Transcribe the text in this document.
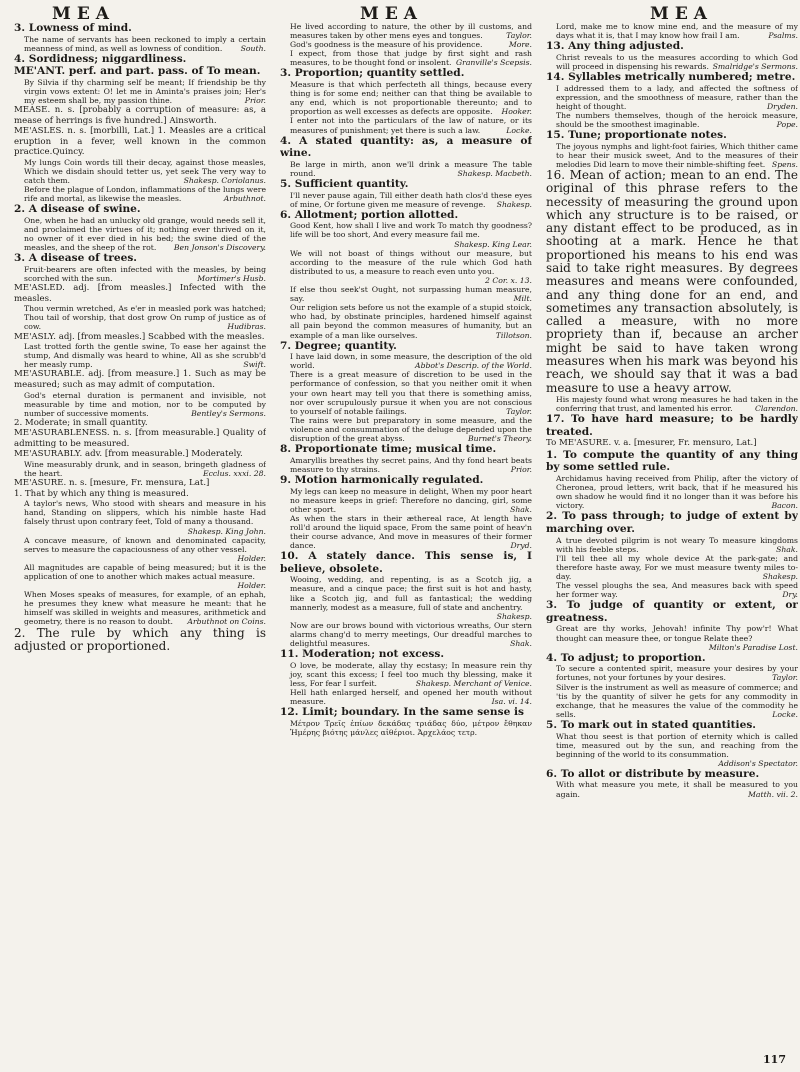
MEA	MEA	MEA

3. Lowness of mind.

The name of servants has been reckoned to imply a certain meanness of mind, as well as lowness of condition. South.

4. Sordidness; niggardliness.

ME'ANT. perf. and part. pass. of To mean.

By Silvia if thy charming self be meant; If friendship be thy virgin vows extent: O! let me in Aminta's praises join; Her's my esteem shall be, my passion thine.	Prior.

MEASE. n. s. [probably a corruption of measure: as, a mease of herrings is five hundred.] Ainsworth.

ME'ASLES. n. s. [morbilli, Lat.] 1. Measles are a critical eruption in a fever, well known in the common practice.Quincy.

My lungs Coin words till their decay, against those measles, Which we disdain should tetter us, yet seek The very way to catch them.	Shakesp. Coriolanus.

Before the plague of London, inflammations of the lungs were rife and mortal, as likewise the measles.	Arbuthnot.

2. A disease of swine.

One, when he had an unlucky old grange, would needs sell it, and proclaimed the virtues of it; nothing ever thrived on it, no owner of it ever died in his bed; the swine died of the measles, and the sheep of the rot. Ben Jonson's Discovery.

3. A disease of trees.

Fruit-bearers are often infected with the measles, by being scorched with the sun.	Mortimer's Husb.

ME'ASLED. adj. [from measles.] Infected with the measles.

Thou vermin wretched, As e'er in measled pork was hatched; Thou tail of worship, that dost grow On rump of justice as of cow.	Hudibras.

ME'ASLY. adj. [from measles.] Scabbed with the measles.

Last trotted forth the gentle swine, To ease her against the stump, And dismally was heard to whine, All as she scrubb'd her measly rump.	Swift.

ME'ASURABLE. adj. [from measure.] 1. Such as may be measured; such as may admit of computation.

God's eternal duration is permanent and invisible, not measurable by time and motion, nor to be computed by number of successive moments.	Bentley's Sermons.

2. Moderate; in small quantity.

ME'ASURABLENESS. n. s. [from measurable.] Quality of admitting to be measured.

ME'ASURABLY. adv. [from measurable.] Moderately.

Wine measurably drunk, and in season, bringeth gladness of the heart.	Ecclus. xxxi. 28.

ME'ASURE. n. s. [mesure, Fr. mensura, Lat.]

1. That by which any thing is measured.

A taylor's news, Who stood with shears and measure in his hand, Standing on slippers, which his nimble haste Had falsely thrust upon contrary feet, Told of many a thousand.
Shakesp. King John.

A concave measure, of known and denominated capacity, serves to measure the capaciousness of any other vessel.
Holder.

All magnitudes are capable of being measured; but it is the application of one to another which makes actual measure.
Holder.

When Moses speaks of measures, for example, of an ephah, he presumes they knew what measure he meant: that he himself was skilled in weights and measures, arithmetick and geometry, there is no reason to doubt. Arbuthnot on Coins.

2. The rule by which any thing is adjusted or proportioned.

He lived according to nature, the other by ill customs, and measures taken by other mens eyes and tongues.	Taylor.

God's goodness is the measure of his providence.	More.

I expect, from those that judge by first sight and rash measures, to be thought fond or insolent. Granville's Scepsis.

3. Proportion; quantity settled.

Measure is that which perfecteth all things, because every thing is for some end; neither can that thing be available to any end, which is not proportionable thereunto; and to proportion as well excesses as defects are opposite. Hooker.

I enter not into the particulars of the law of nature, or its measures of punishment; yet there is such a law.	Locke.

4. A stated quantity: as, a measure of wine.

Be large in mirth, anon we'll drink a measure The table round.	Shakesp. Macbeth.

5. Sufficient quantity.

I'll never pause again, Till either death hath clos'd these eyes of mine, Or fortune given me measure of revenge. Shakesp.

6. Allotment; portion allotted.

Good Kent, how shall I live and work To match thy goodness? life will be too short, And every measure fail me.
Shakesp. King Lear.

We will not boast of things without our measure, but according to the measure of the rule which God hath distributed to us, a measure to reach even unto you.
2 Cor. x. 13.

If else thou seek'st Ought, not surpassing human measure, say.	Milt.

Our religion sets before us not the example of a stupid stoick, who had, by obstinate principles, hardened himself against all pain beyond the common measures of humanity, but an example of a man like ourselves.	Tillotson.

7. Degree; quantity.

I have laid down, in some measure, the description of the old world.	Abbot's Descrip. of the World.

There is a great measure of discretion to be used in the performance of confession, so that you neither omit it when your own heart may tell you that there is something amiss, nor over scrupulously pursue it when you are not conscious to yourself of notable failings.	Taylor.

The rains were but preparatory in some measure, and the violence and consummation of the deluge depended upon the disruption of the great abyss.	Burnet's Theory.

8. Proportionate time; musical time.

Amaryllis breathes thy secret pains, And thy fond heart beats measure to thy strains.	Prior.

9. Motion harmonically regulated.

My legs can keep no measure in delight, When my poor heart no measure keeps in grief: Therefore no dancing, girl, some other sport.	Shak.

As when the stars in their æthereal race, At length have roll'd around the liquid space, From the same point of heav'n their course advance, And move in measures of their former dance.	Dryd.

10. A stately dance. This sense is, I believe, obsolete.

Wooing, wedding, and repenting, is as a Scotch jig, a measure, and a cinque pace; the first suit is hot and hasty, like a Scotch jig, and full as fantastical; the wedding mannerly, modest as a measure, full of state and anchentry.
Shakesp.

Now are our brows bound with victorious wreaths, Our stern alarms chang'd to merry meetings, Our dreadful marches to delightful measures.	Shak.

11. Moderation; not excess.

O love, be moderate, allay thy ecstasy; In measure rein thy joy, scant this excess; I feel too much thy blessing, make it less, For fear I surfeit.	Shakesp. Merchant of Venice.

Hell hath enlarged herself, and opened her mouth without measure.	Isa. vi. 14.

12. Limit; boundary. In the same sense is

Μέτρον Τρεῖς ἐπίων δεκάδας τριάδας δύο, μέτρον ἔθηκαν Ἡμέρης βιότης μάνλες αἰθέριοι. Ἀρχελάος τετρ.

Lord, make me to know mine end, and the measure of my days what it is, that I may know how frail I am.	Psalms.

13. Any thing adjusted.

Christ reveals to us the measures according to which God will proceed in dispensing his rewards. Smalridge's Sermons.

14. Syllables metrically numbered; metre.

I addressed them to a lady, and affected the softness of expression, and the smoothness of measure, rather than the height of thought.	Dryden.

The numbers themselves, though of the heroick measure, should be the smoothest imaginable.	Pope.

15. Tune; proportionate notes.

The joyous nymphs and light-foot fairies, Which thither came to hear their musick sweet, And to the measures of their melodies Did learn to move their nimble-shifting feet. Spens.

16. Mean of action; mean to an end. The original of this phrase refers to the necessity of measuring the ground upon which any structure is to be raised, or any distant effect to be produced, as in shooting at a mark. Hence he that proportioned his means to his end was said to take right measures. By degrees measures and means were confounded, and any thing done for an end, and sometimes any transaction absolutely, is called a measure, with no more propriety than if, because an archer might be said to have taken wrong measures when his mark was beyond his reach, we should say that it was a bad measure to use a heavy arrow.

His majesty found what wrong measures he had taken in the conferring that trust, and lamented his error.	Clarendon.

17. To have hard measure; to be hardly treated.

To ME'ASURE. v. a. [mesurer, Fr. mensuro, Lat.]

1. To compute the quantity of any thing by some settled rule.

Archidamus having received from Philip, after the victory of Cheronea, proud letters, writ back, that if he measured his own shadow he would find it no longer than it was before his victory.	Bacon.

2. To pass through; to judge of extent by marching over.

A true devoted pilgrim is not weary To measure kingdoms with his feeble steps.	Shak.

I'll tell thee all my whole device At the park-gate; and therefore haste away, For we must measure twenty miles to-day.	Shakesp.

The vessel ploughs the sea, And measures back with speed her former way.	Dry.

3. To judge of quantity or extent, or greatness.

Great are thy works, Jehovah! infinite Thy pow'r! What thought can measure thee, or tongue Relate thee?
Milton's Paradise Lost.

4. To adjust; to proportion.

To secure a contented spirit, measure your desires by your fortunes, not your fortunes by your desires.	Taylor.

Silver is the instrument as well as measure of commerce; and 'tis by the quantity of silver he gets for any commodity in exchange, that he measures the value of the commodity he sells.	Locke.

5. To mark out in stated quantities.

What thou seest is that portion of eternity which is called time, measured out by the sun, and reaching from the beginning of the world to its consummation.
Addison's Spectator.

6. To allot or distribute by measure.

With what measure you mete, it shall be measured to you again.	Matth. vii. 2.

117
